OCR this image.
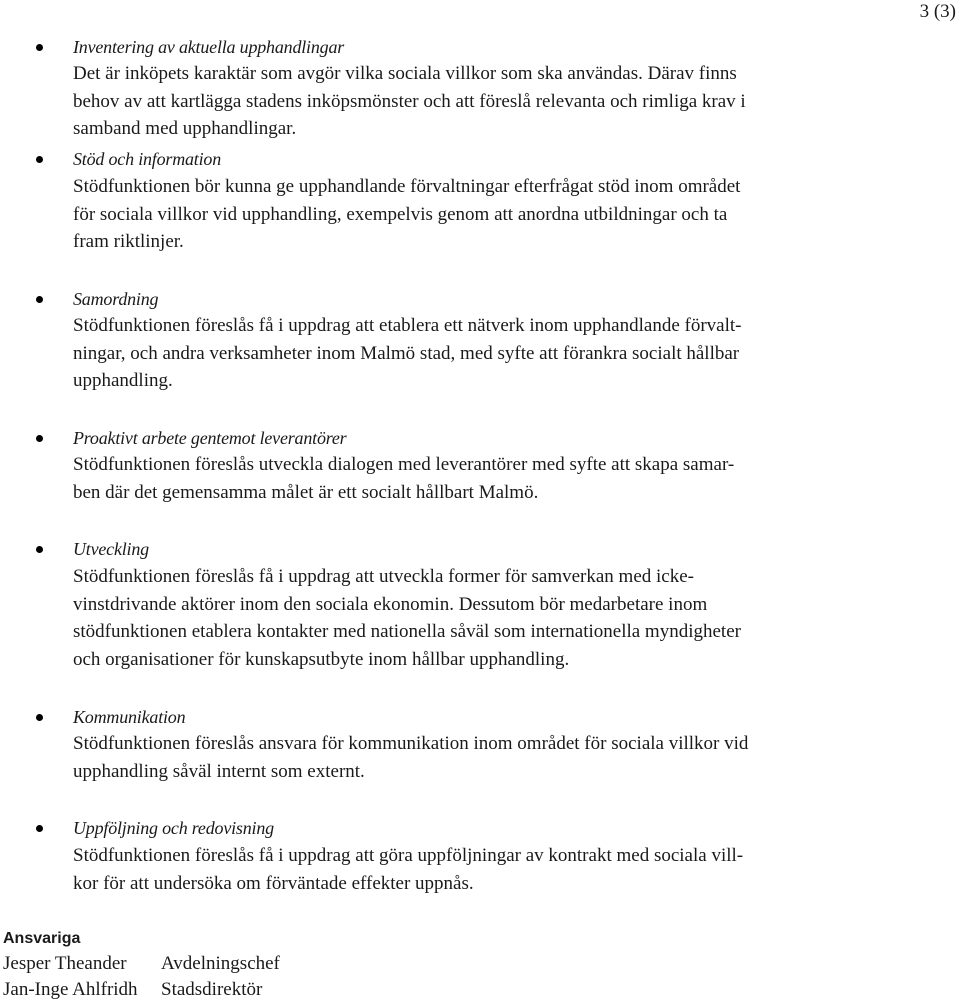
3 (3)
Inventering av aktuella upphandlingar
Det är inköpets karaktär som avgör vilka sociala villkor som ska användas. Därav finns
behov av att kartlägga stadens inköpsmönster och att föreslå relevanta och rimliga krav i
samband med upphandlingar.
Stöd och information
Stödfunktionen bör kunna ge upphandlande förvaltningar efterfrågat stöd inom området
för sociala villkor vid upphandling, exempelvis genom att anordna utbildningar och ta
fram riktlinjer.
Samordning
Stödfunktionen föreslås få i uppdrag att etablera ett nätverk inom upphandlande förvalt-
ningar, och andra verksamheter inom Malmö stad, med syfte att förankra socialt hållbar
upphandling.
Proaktivt arbete gentemot leverantörer
Stödfunktionen föreslås utveckla dialogen med leverantörer med syfte att skapa samar-
ben där det gemensamma målet är ett socialt hållbart Malmö.
Utveckling
Stödfunktionen föreslås få i uppdrag att utveckla former för samverkan med icke-
vinstdrivande aktörer inom den sociala ekonomin. Dessutom bör medarbetare inom
stödfunktionen etablera kontakter med nationella såväl som internationella myndigheter
och organisationer för kunskapsutbyte inom hållbar upphandling.
Kommunikation
Stödfunktionen föreslås ansvara för kommunikation inom området för sociala villkor vid
upphandling såväl internt som externt.
Uppföljning och redovisning
Stödfunktionen föreslås få i uppdrag att göra uppföljningar av kontrakt med sociala vill-
kor för att undersöka om förväntade effekter uppnås.
Ansvariga
Jesper Theander Avdelningschef
Jan-Inge Ahlfridh Stadsdirektör
